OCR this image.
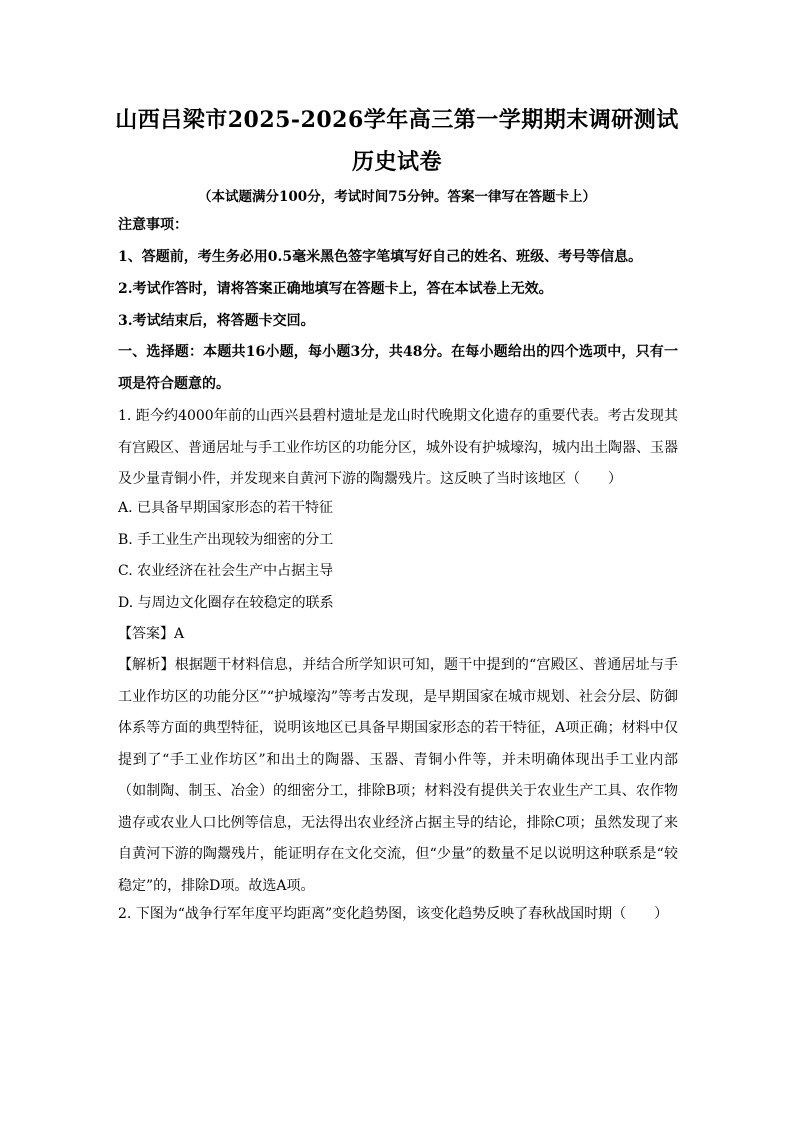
山西吕梁市2025-2026学年高三第一学期期末调研测试
历史试卷
（本试题满分100分，考试时间75分钟。答案一律写在答题卡上）
注意事项：
1、答题前，考生务必用0.5毫米黑色签字笔填写好自己的姓名、班级、考号等信息。
2.考试作答时，请将答案正确地填写在答题卡上，答在本试卷上无效。
3.考试结束后，将答题卡交回。
一、选择题：本题共16小题，每小题3分，共48分。在每小题给出的四个选项中，只有一项是符合题意的。
1. 距今约4000年前的山西兴县碧村遗址是龙山时代晚期文化遗存的重要代表。考古发现其有宫殿区、普通居址与手工业作坊区的功能分区，城外设有护城壕沟，城内出土陶器、玉器及少量青铜小件，并发现来自黄河下游的陶鬶残片。这反映了当时该地区（　　）
A. 已具备早期国家形态的若干特征
B. 手工业生产出现较为细密的分工
C. 农业经济在社会生产中占据主导
D. 与周边文化圈存在较稳定的联系
【答案】A
【解析】根据题干材料信息，并结合所学知识可知，题干中提到的“宫殿区、普通居址与手工业作坊区的功能分区”“护城壕沟”等考古发现，是早期国家在城市规划、社会分层、防御体系等方面的典型特征，说明该地区已具备早期国家形态的若干特征，A项正确；材料中仅提到了“手工业作坊区”和出土的陶器、玉器、青铜小件等，并未明确体现出手工业内部（如制陶、制玉、冶金）的细密分工，排除B项；材料没有提供关于农业生产工具、农作物遗存或农业人口比例等信息，无法得出农业经济占据主导的结论，排除C项；虽然发现了来自黄河下游的陶鬶残片，能证明存在文化交流，但“少量”的数量不足以说明这种联系是“较稳定”的，排除D项。故选A项。
2. 下图为“战争行军年度平均距离”变化趋势图，该变化趋势反映了春秋战国时期（　　）
